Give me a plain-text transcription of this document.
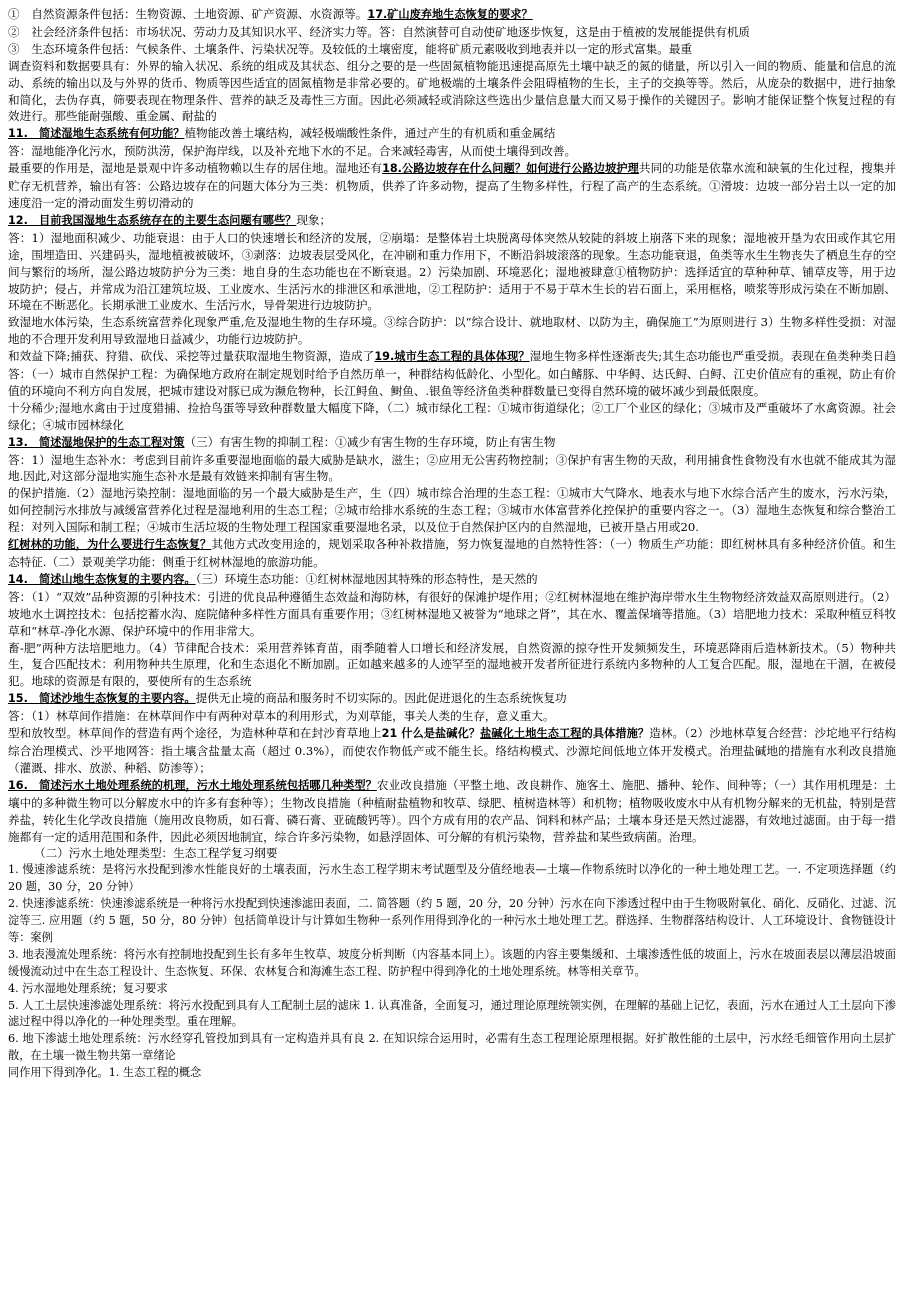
①　自然资源条件包括：生物资源、土地资源、矿产资源、水资源等。17.矿山废弃地生态恢复的要求？
②　社会经济条件包括：市场状况、劳动力及其知识水平、经济实力等。答：自然演替可自动使矿地逐步恢复，这是由于植被的发展能提供有机质
③　生态环境条件包括：气候条件、土壤条件、污染状况等。及较低的土壤密度，能将矿质元素吸收到地表并以一定的形式富集。最重
调查资料和数据要具有：外界的输入状况、系统的组成及其状态、组分之要的是一些固氮植物能迅速提高原先土壤中缺乏的氮的储量，所以引入一间的物质、能量和信息的流动、系统的输出以及与外界的货币、物质等因些适宜的固氮植物是非常必要的。矿地极端的土壤条件会阻碍植物的生长，主子的交换等等。然后，从庞杂的数据中，进行抽象和简化，去伪存真，筛要表现在物理条件、营养的缺乏及毒性三方面。因此必须减轻或消除这些选出少量信息量大而又易于操作的关键因子。影响才能保证整个恢复过程的有效进行。那些能耐强酸、重金属、耐盐的
11.　简述湿地生态系统有何功能？植物能改善土壤结构，减轻极端酸性条件，通过产生的有机质和重金属结
答：湿地能净化污水，预防洪涝，保护海岸线，以及补充地下水的不足。合来减轻毒害，从而使土壤得到改善。
最重要的作用是，湿地是景观中许多动植物赖以生存的居住地。湿地还有18.公路边坡存在什么问题？如何进行公路边坡护理共同的功能是依靠水流和缺氧的生化过程，搜集并贮存无机营养，输出有答：公路边坡存在的问题大体分为三类：机物质，供养了许多动物，提高了生物多样性，行程了高产的生态系统。①滑坡：边坡一部分岩土以一定的加速度沿一定的滑动面发生剪切滑动的
12.　目前我国湿地生态系统存在的主要生态问题有哪些？现象；
答：1）湿地面积减少、功能衰退：由于人口的快速增长和经济的发展，②崩塌：是整体岩土块脱离母体突然从较陡的斜坡上崩落下来的现象；湿地被开垦为农田或作其它用途，围埋造田、兴建码头，湿地植被被破坏，③剥落：边坡表层受风化，在冲刷和重力作用下，不断沿斜坡滚落的现象。生态功能衰退，鱼类等水生生物丧失了栖息生存的空间与繁衍的场所，湿公路边坡防护分为三类：地自身的生态功能也在不断衰退。2）污染加剧、环境恶化；湿地被肆意①植物防护：选择适宜的草种种草、铺草皮等，用于边坡防护；侵占，并常成为沿江建筑垃圾、工业废水、生活污水的排泄区和承泄地，②工程防护：适用于不易于草木生长的岩石面上，采用框格，喷浆等形成污染在不断加剧、环境在不断恶化。长期承泄工业废水、生活污水，导骨架进行边坡防护。
致湿地水体污染，生态系统富营养化现象严重,危及湿地生物的生存环境。③综合防护：以“综合设计、就地取材、以防为主，确保施工”为原则进行 3）生物多样性受损：对湿地的不合理开发利用导致湿地日益减少，功能行边坡防护。
和效益下降;捕获、狩猎、砍伐、采挖等过量获取湿地生物资源，造成了19.城市生态工程的具体体现？湿地生物多样性逐渐丧失;其生态功能也严重受损。表现在鱼类种类日趋答：（一）城市自然保护工程：为确保地方政府在制定规划时给予自然历单一，种群结构低龄化、小型化。如白鳍豚、中华鲟、达氏鲟、白鲟、江史价值应有的重视，防止有价值的环境向不利方向自发展，把城市建设对豚已成为濒危物种，长江鲟鱼、鲥鱼、.银鱼等经济鱼类种群数量已变得自然环境的破坏减少到最低限度。
十分稀少;湿地水禽由于过度猎捕、捡拾鸟蛋等导致种群数量大幅度下降，（二）城市绿化工程：①城市街道绿化；②工厂个业区的绿化；③城市及严重破坏了水禽资源。社会绿化；④城市园林绿化
13.　简述湿地保护的生态工程对策（三）有害生物的抑制工程：①减少有害生物的生存环境，防止有害生物
答：1）湿地生态补水：考虑到目前许多重要湿地面临的最大威胁是缺水，滋生；②应用无公害药物控制；③保护有害生物的天敌，利用捕食性食物没有水也就不能成其为湿地.因此,对这部分湿地实施生态补水是最有效链来抑制有害生物。
的保护措施.（2）湿地污染控制：湿地面临的另一个最大威胁是生产，生（四）城市综合治理的生态工程：①城市大气降水、地表水与地下水综合活产生的废水，污水污染，如何控制污水排放与减缓富营养化过程是湿地利用的生态工程；②城市给排水系统的生态工程；③城市水体富营养化控保护的重要内容之一。（3）湿地生态恢复和综合整治工程：对列入国际和制工程；④城市生活垃圾的生物处理工程国家重要湿地名录，以及位于自然保护区内的自然湿地，已被开垦占用或20.
红树林的功能，为什么要进行生态恢复？其他方式改变用途的，规划采取各种补救措施，努力恢复湿地的自然特性答：（一）物质生产功能：即红树林具有多种经济价值。和生态特征.（二）景观美学功能：侧重于红树林湿地的旅游功能。
14.　简述山地生态恢复的主要内容。（三）环境生态功能：①红树林湿地因其特殊的形态特性，是天然的
答：（1）“双效”品种资源的引种技术：引进的优良品种遵循生态效益和海防林，有很好的保滩护堤作用；②红树林湿地在维护海岸带水生生物物经济效益双高原则进行。（2）坡地水土调控技术：包括挖蓄水沟、庭院储种多样性方面具有重要作用；③红树林湿地又被誉为“地球之肾”，其在水、覆盖保墒等措施。（3）培肥地力技术：采取种植豆科牧草和“林草-净化水源、保护环境中的作用非常大。
畜-肥”两种方法培肥地力。（4）节律配合技术：采用营养钵育苗，雨季随着人口增长和经济发展，自然资源的掠夺性开发频频发生，环境恶降雨后造林新技术。（5）物种共生，复合匹配技术：利用物种共生原理，化和生态退化不断加剧。正如越来越多的人迹罕至的湿地被开发者所征进行系统内多物种的人工复合匹配。服，湿地在干涸，在被侵犯。地球的资源是有限的，要使所有的生态系统
15.　简述沙地生态恢复的主要内容。提供无止境的商品和服务时不切实际的。因此促进退化的生态系统恢复功
答：（1）林草间作措施：在林草间作中有两种对草本的利用形式，为刈草能，事关人类的生存，意义重大。
型和放牧型。林草间作的营造有两个途径，为造林种草和在封沙育草地上21 什么是盐碱化？盐碱化土地生态工程的具体措施？造林。（2）沙地林草复合经营：沙坨地平行结构综合治理模式、沙平地网答：指土壤含盐量太高（超过 0.3%），而使农作物低产或不能生长。络结构模式、沙源坨间低地立体开发模式。治理盐碱地的措施有水利改良措施（灌溉、排水、放淤、种稻、防渗等）；
16.　简述污水土地处理系统的机理，污水土地处理系统包括哪几种类型？农业改良措施（平整土地、改良耕作、施客土、施肥、播种、轮作、间种等；（一）其作用机理是：土壤中的多种微生物可以分解废水中的许多有套种等）；生物改良措施（种植耐盐植物和牧草、绿肥、植树造林等）和机物；植物吸收废水中从有机物分解来的无机盐，特别是营养盐，转化生化学改良措施（施用改良物质，如石膏、磷石膏、亚硫酸钙等）。四个方成有用的农产品、饲料和林产品；土壤本身还是天然过滤器，有效地过滤面。由于每一措施都有一定的适用范围和条件，因此必须因地制宜，综合许多污染物，如悬浮固体、可分解的有机污染物，营养盐和某些致病菌。治理。
（二）污水土地处理类型：生态工程学复习纲要
1. 慢速渗滤系统：是将污水投配到渗水性能良好的土壤表面，污水生态工程学期末考试题型及分值经地表—土壤—作物系统时以净化的一种土地处理工艺。一. 不定项选择题（约 20 题，30 分，20 分钟）
2. 快速渗滤系统：快速渗滤系统是一种将污水投配到快速渗滤田表面，二. 简答题（约 5 题，20 分，20 分钟）污水在向下渗透过程中由于生物吸附氧化、硝化、反硝化、过滤、沉淀等三. 应用题（约 5 题，50 分，80 分钟）包括简单设计与计算如生物种一系列作用得到净化的一种污水土地处理工艺。群选择、生物群落结构设计、人工环境设计、食物链设计等：案例
3. 地表漫流处理系统：将污水有控制地投配到生长有多年生牧草、坡度分析判断（内容基本同上）。该题的内容主要集缓和、土壤渗透性低的坡面上，污水在坡面表层以薄层沿坡面缓慢流动过中在生态工程设计、生态恢复、环保、农林复合和海滩生态工程、防护程中得到净化的土地处理系统。林等相关章节。
4. 污水湿地处理系统；复习要求
5. 人工土层快速渗滤处理系统：将污水投配到具有人工配制土层的滤床 1. 认真准备，全面复习，通过理论原理统领实例，在理解的基础上记忆，表面，污水在通过人工土层向下渗滤过程中得以净化的一种处理类型。重在理解。
6. 地下渗滤土地处理系统：污水经穿孔管投加到具有一定构造并具有良 2. 在知识综合运用时，必需有生态工程理论原理根据。好扩散性能的土层中，污水经毛细管作用向土层扩散，在土壤一微生物共第一章绪论
同作用下得到净化。1. 生态工程的概念
